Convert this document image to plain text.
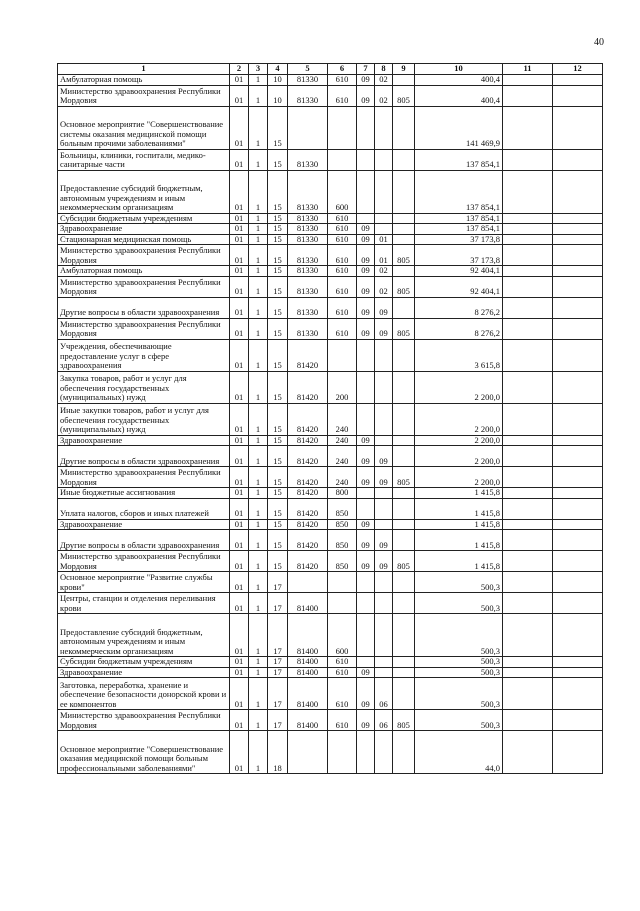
40
1	2	3	4	5	6	7	8	9	10	11	12
Амбулаторная помощь	01	1	10	81330	610	09	02		400,4		
Министерство здравоохранения Республики Мордовия	01	1	10	81330	610	09	02	805	400,4		
Основное мероприятие "Совершенствование системы оказания медицинской помощи больным прочими заболеваниями"	01	1	15						141 469,9		
Больницы, клиники, госпитали, медико-санитарные части	01	1	15	81330					137 854,1		
Предоставление субсидий бюджетным, автономным учреждениям и иным некоммерческим организациям	01	1	15	81330	600				137 854,1		
Субсидии бюджетным учреждениям	01	1	15	81330	610				137 854,1		
Здравоохранение	01	1	15	81330	610	09			137 854,1		
Стационарная медицинская помощь	01	1	15	81330	610	09	01		37 173,8		
Министерство здравоохранения Республики Мордовия	01	1	15	81330	610	09	01	805	37 173,8		
Амбулаторная помощь	01	1	15	81330	610	09	02		92 404,1		
Министерство здравоохранения Республики Мордовия	01	1	15	81330	610	09	02	805	92 404,1		
Другие вопросы в области здравоохранения	01	1	15	81330	610	09	09		8 276,2		
Министерство здравоохранения Республики Мордовия	01	1	15	81330	610	09	09	805	8 276,2		
Учреждения, обеспечивающие предоставление услуг в сфере здравоохранения	01	1	15	81420					3 615,8		
Закупка товаров, работ и услуг для обеспечения государственных (муниципальных) нужд	01	1	15	81420	200				2 200,0		
Иные закупки товаров, работ и услуг для обеспечения государственных (муниципальных) нужд	01	1	15	81420	240				2 200,0		
Здравоохранение	01	1	15	81420	240	09			2 200,0		
Другие вопросы в области здравоохранения	01	1	15	81420	240	09	09		2 200,0		
Министерство здравоохранения Республики Мордовия	01	1	15	81420	240	09	09	805	2 200,0		
Иные бюджетные ассигнования	01	1	15	81420	800				1 415,8		
Уплата налогов, сборов и иных платежей	01	1	15	81420	850				1 415,8		
Здравоохранение	01	1	15	81420	850	09			1 415,8		
Другие вопросы в области здравоохранения	01	1	15	81420	850	09	09		1 415,8		
Министерство здравоохранения Республики Мордовия	01	1	15	81420	850	09	09	805	1 415,8		
Основное мероприятие "Развитие службы крови"	01	1	17						500,3		
Центры, станции и отделения переливания крови	01	1	17	81400					500,3		
Предоставление субсидий бюджетным, автономным учреждениям и иным некоммерческим организациям	01	1	17	81400	600				500,3		
Субсидии бюджетным учреждениям	01	1	17	81400	610				500,3		
Здравоохранение	01	1	17	81400	610	09			500,3		
Заготовка, переработка, хранение и обеспечение безопасности донорской крови и ее компонентов	01	1	17	81400	610	09	06		500,3		
Министерство здравоохранения Республики Мордовия	01	1	17	81400	610	09	06	805	500,3		
Основное мероприятие "Совершенствование оказания медицинской помощи больным профессиональными заболеваниями"	01	1	18						44,0		
